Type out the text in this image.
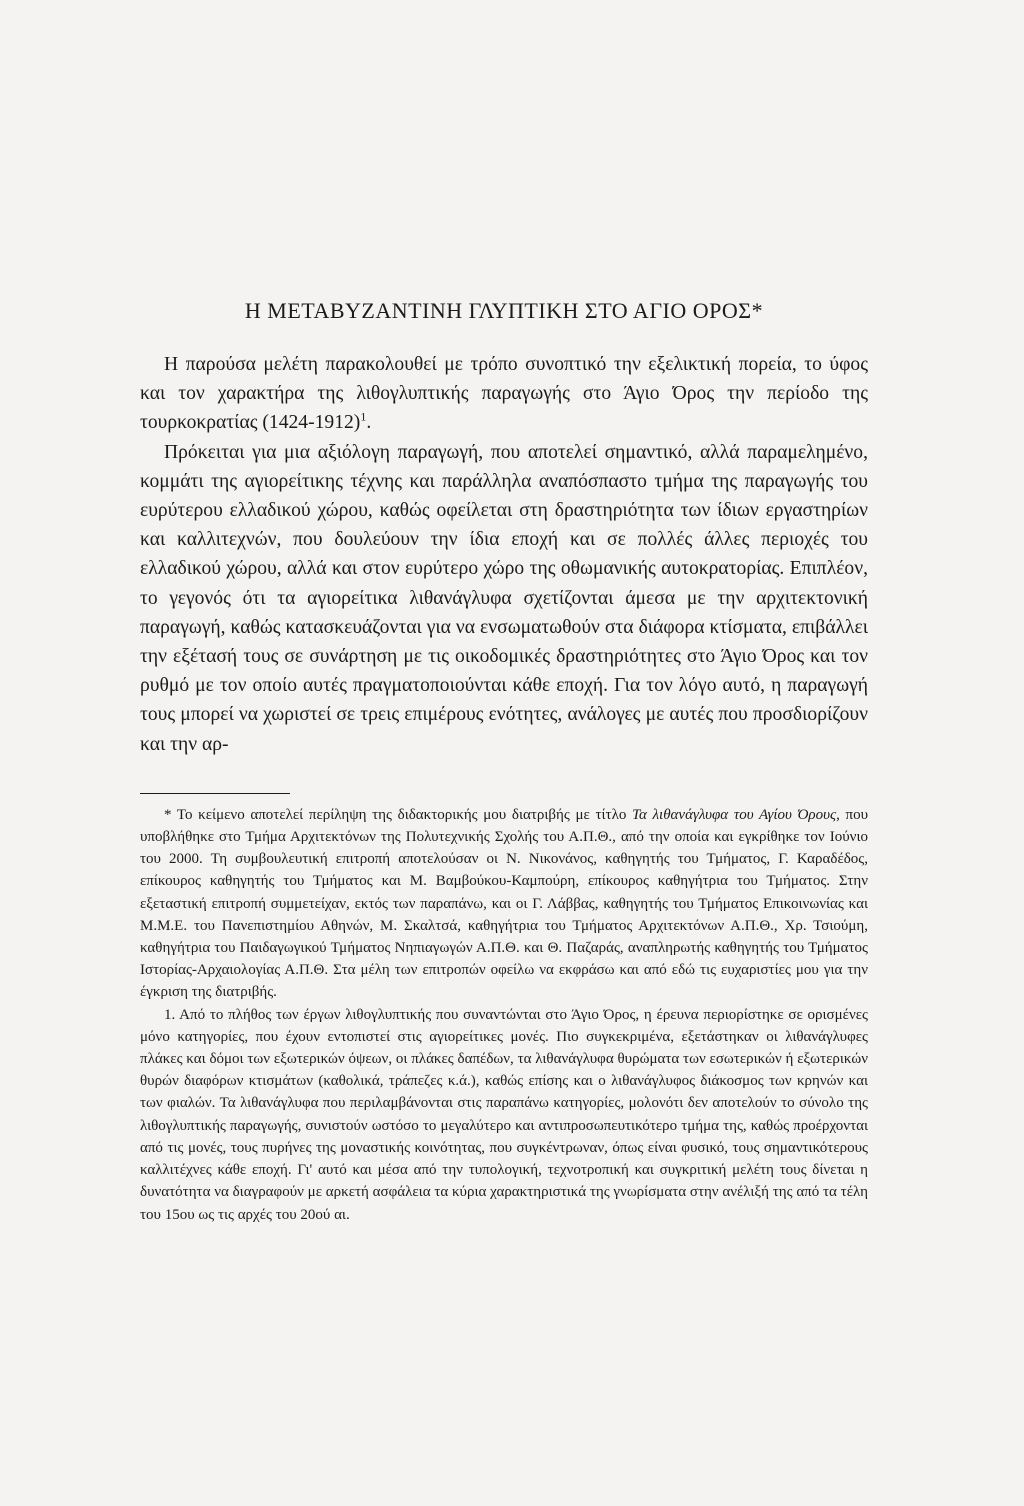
Η ΜΕΤΑΒΥΖΑΝΤΙΝΗ ΓΛΥΠΤΙΚΗ ΣΤΟ ΑΓΙΟ ΟΡΟΣ*

Η παρούσα μελέτη παρακολουθεί με τρόπο συνοπτικό την εξελικτική πορεία, το ύφος και τον χαρακτήρα της λιθογλυπτικής παραγωγής στο Άγιο Όρος την περίοδο της τουρκοκρατίας (1424-1912)$^1$.

Πρόκειται για μια αξιόλογη παραγωγή, που αποτελεί σημαντικό, αλλά παραμελημένο, κομμάτι της αγιορείτικης τέχνης και παράλληλα αναπόσπαστο τμήμα της παραγωγής του ευρύτερου ελλαδικού χώρου, καθώς οφείλεται στη δραστηριότητα των ίδιων εργαστηρίων και καλλιτεχνών, που δουλεύουν την ίδια εποχή και σε πολλές άλλες περιοχές του ελλαδικού χώρου, αλλά και στον ευρύτερο χώρο της οθωμανικής αυτοκρατορίας. Επιπλέον, το γεγονός ότι τα αγιορείτικα λιθανάγλυφα σχετίζονται άμεσα με την αρχιτεκτονική παραγωγή, καθώς κατασκευάζονται για να ενσωματωθούν στα διάφορα κτίσματα, επιβάλλει την εξέτασή τους σε συνάρτηση με τις οικοδομικές δραστηριότητες στο Άγιο Όρος και τον ρυθμό με τον οποίο αυτές πραγματοποιούνται κάθε εποχή. Για τον λόγο αυτό, η παραγωγή τους μπορεί να χωριστεί σε τρεις επιμέρους ενότητες, ανάλογες με αυτές που προσδιορίζουν και την αρ-

* Το κείμενο αποτελεί περίληψη της διδακτορικής μου διατριβής με τίτλο Τα λιθανάγλυφα του Αγίου Όρους, που υποβλήθηκε στο Τμήμα Αρχιτεκτόνων της Πολυτεχνικής Σχολής του Α.Π.Θ., από την οποία και εγκρίθηκε τον Ιούνιο του 2000. Τη συμβουλευτική επιτροπή αποτελούσαν οι Ν. Νικονάνος, καθηγητής του Τμήματος, Γ. Καραδέδος, επίκουρος καθηγητής του Τμήματος και Μ. Βαμβούκου-Καμπούρη, επίκουρος καθηγήτρια του Τμήματος. Στην εξεταστική επιτροπή συμμετείχαν, εκτός των παραπάνω, και οι Γ. Λάββας, καθηγητής του Τμήματος Επικοινωνίας και Μ.Μ.Ε. του Πανεπιστημίου Αθηνών, Μ. Σκαλτσά, καθηγήτρια του Τμήματος Αρχιτεκτόνων Α.Π.Θ., Χρ. Τσιούμη, καθηγήτρια του Παιδαγωγικού Τμήματος Νηπιαγωγών Α.Π.Θ. και Θ. Παζαράς, αναπληρωτής καθηγητής του Τμήματος Ιστορίας-Αρχαιολογίας Α.Π.Θ. Στα μέλη των επιτροπών οφείλω να εκφράσω και από εδώ τις ευχαριστίες μου για την έγκριση της διατριβής.

1. Από το πλήθος των έργων λιθογλυπτικής που συναντώνται στο Άγιο Όρος, η έρευνα περιορίστηκε σε ορισμένες μόνο κατηγορίες, που έχουν εντοπιστεί στις αγιορείτικες μονές. Πιο συγκεκριμένα, εξετάστηκαν οι λιθανάγλυφες πλάκες και δόμοι των εξωτερικών όψεων, οι πλάκες δαπέδων, τα λιθανάγλυφα θυρώματα των εσωτερικών ή εξωτερικών θυρών διαφόρων κτισμάτων (καθολικά, τράπεζες κ.ά.), καθώς επίσης και ο λιθανάγλυφος διάκοσμος των κρηνών και των φιαλών. Τα λιθανάγλυφα που περιλαμβάνονται στις παραπάνω κατηγορίες, μολονότι δεν αποτελούν το σύνολο της λιθογλυπτικής παραγωγής, συνιστούν ωστόσο το μεγαλύτερο και αντιπροσωπευτικότερο τμήμα της, καθώς προέρχονται από τις μονές, τους πυρήνες της μοναστικής κοινότητας, που συγκέντρωναν, όπως είναι φυσικό, τους σημαντικότερους καλλιτέχνες κάθε εποχή. Γι' αυτό και μέσα από την τυπολογική, τεχνοτροπική και συγκριτική μελέτη τους δίνεται η δυνατότητα να διαγραφούν με αρκετή ασφάλεια τα κύρια χαρακτηριστικά της γνωρίσματα στην ανέλιξή της από τα τέλη του 15ου ως τις αρχές του 20ού αι.
